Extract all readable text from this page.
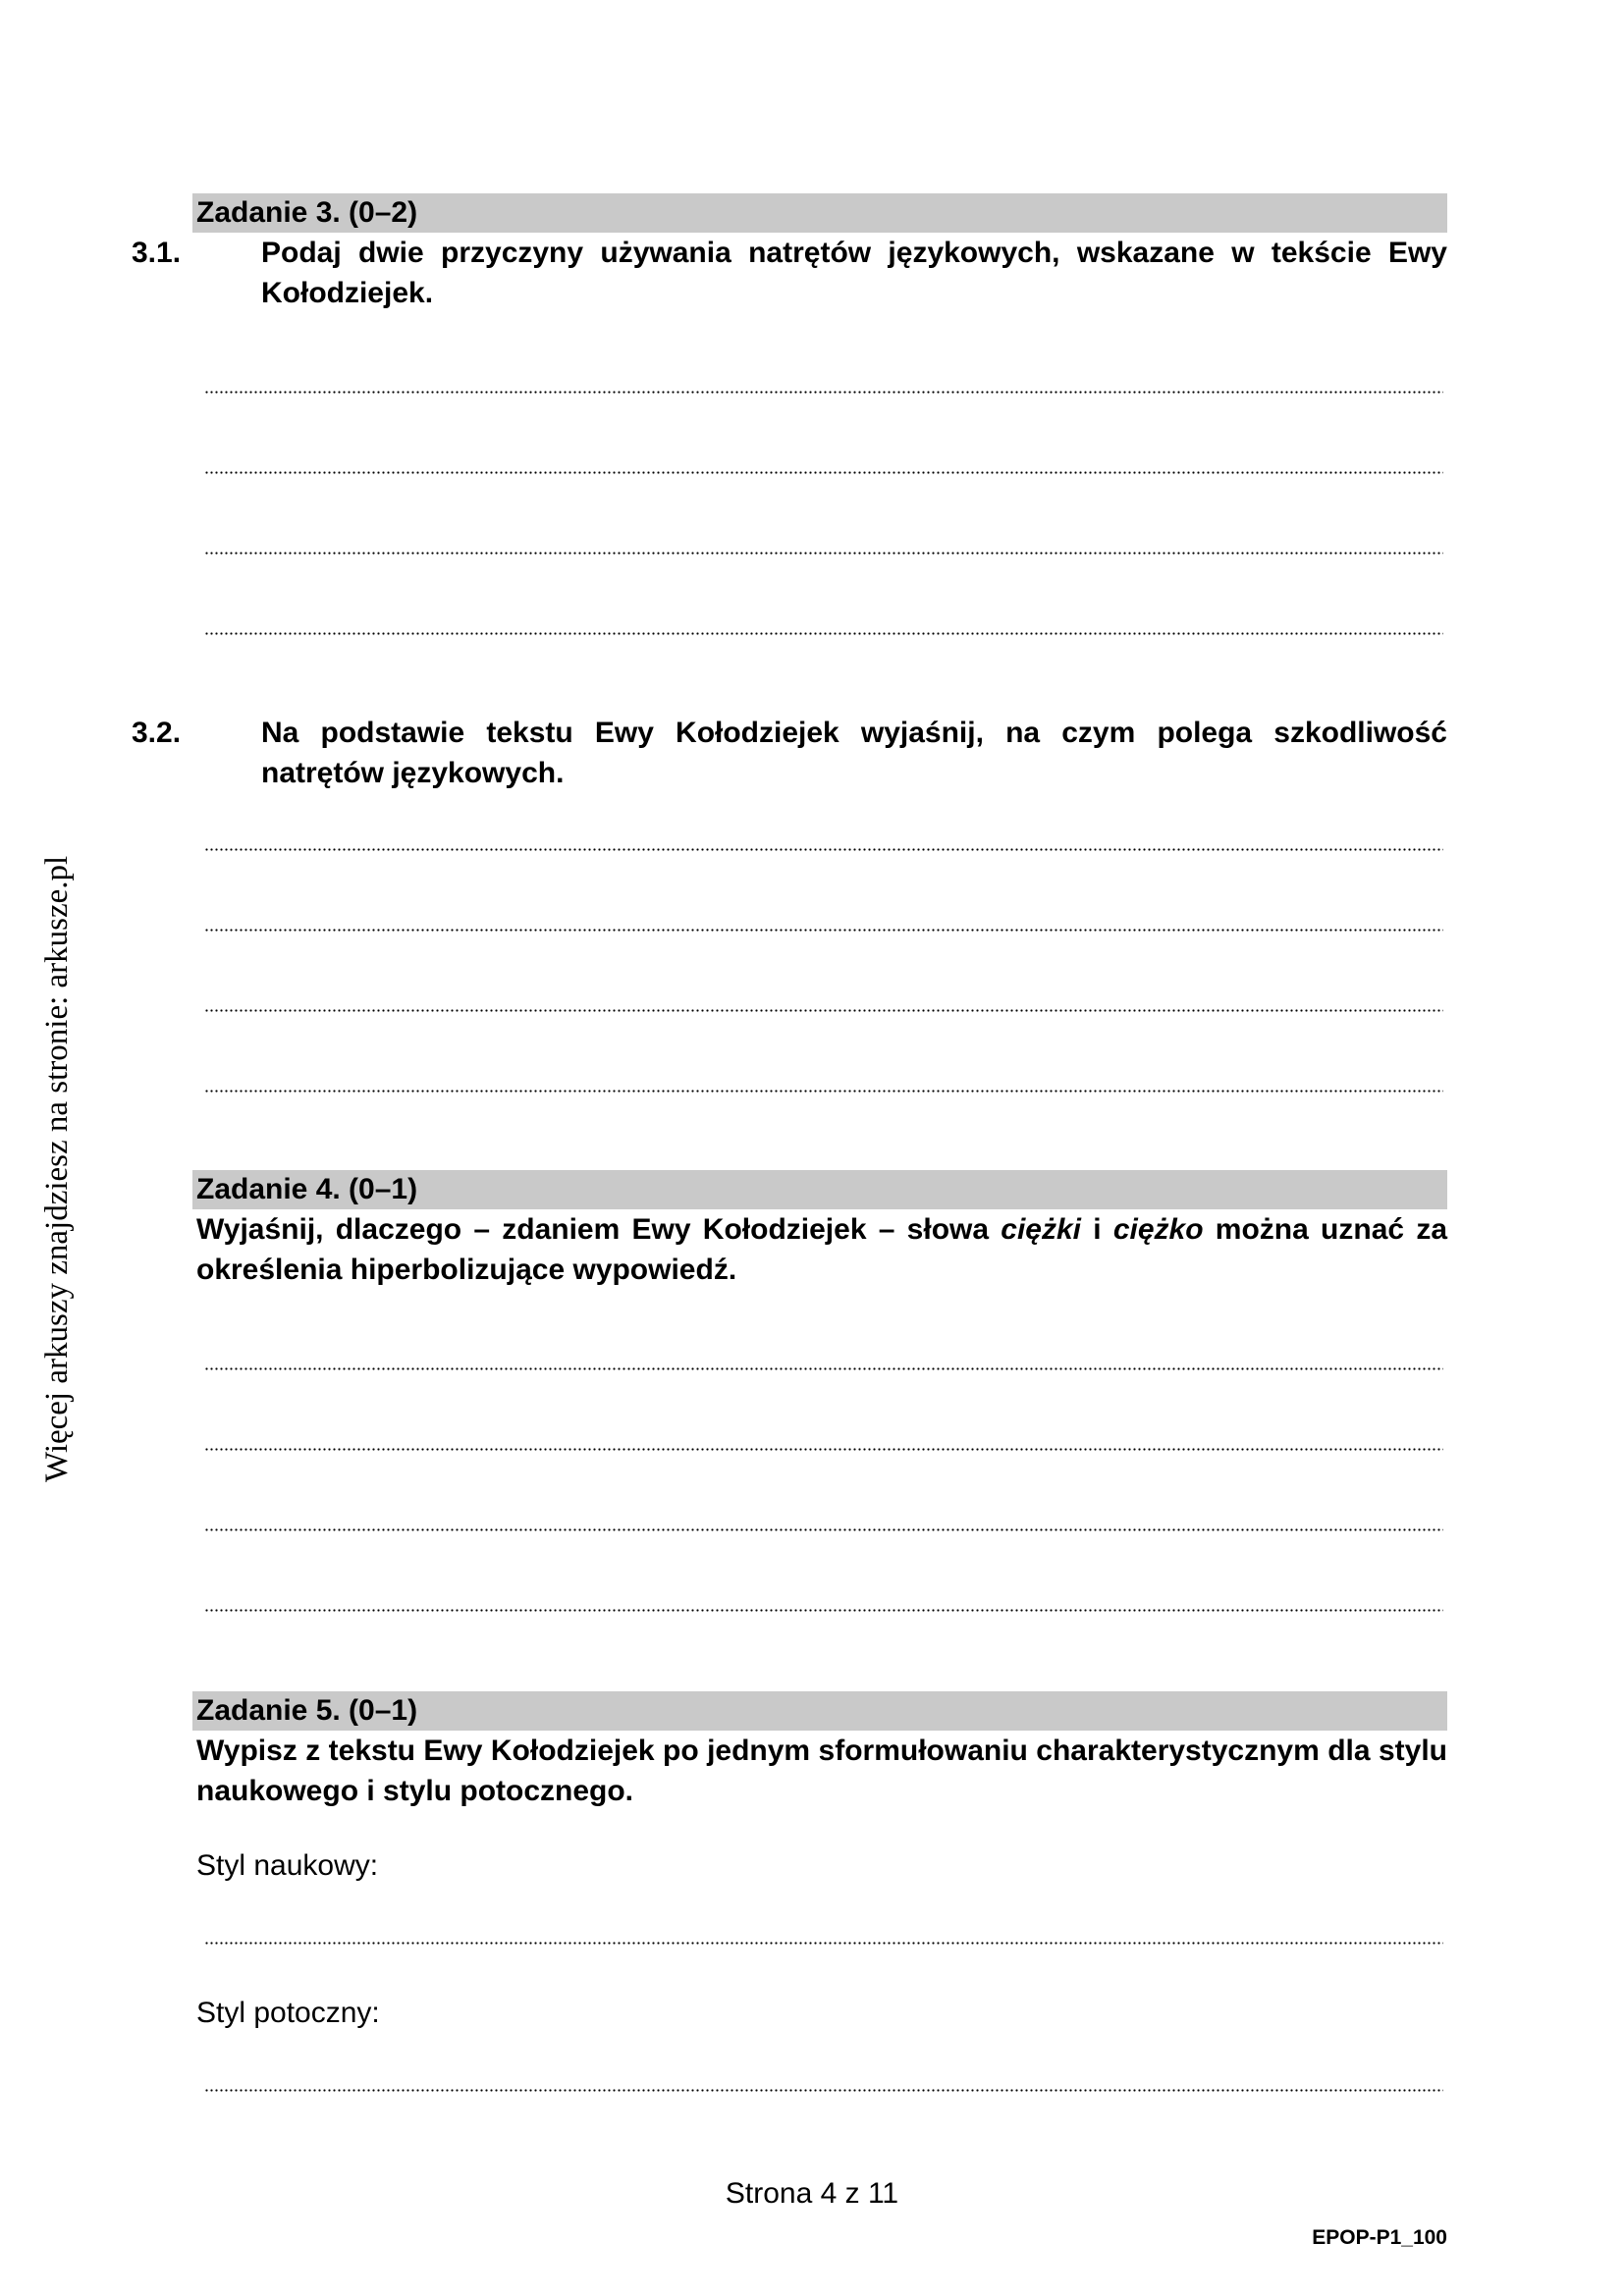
Więcej arkuszy znajdziesz na stronie: arkusze.pl
Zadanie 3. (0–2)
3.1.	Podaj dwie przyczyny używania natrętów językowych, wskazane w tekście Ewy Kołodziejek.
3.2.	Na podstawie tekstu Ewy Kołodziejek wyjaśnij, na czym polega szkodliwość natrętów językowych.
Zadanie 4. (0–1)
Wyjaśnij, dlaczego – zdaniem Ewy Kołodziejek – słowa ciężki i ciężko można uznać za określenia hiperbolizujące wypowiedź.
Zadanie 5. (0–1)
Wypisz z tekstu Ewy Kołodziejek po jednym sformułowaniu charakterystycznym dla stylu naukowego i stylu potocznego.
Styl naukowy:
Styl potoczny:
Strona 4 z 11
EPOP-P1_100
